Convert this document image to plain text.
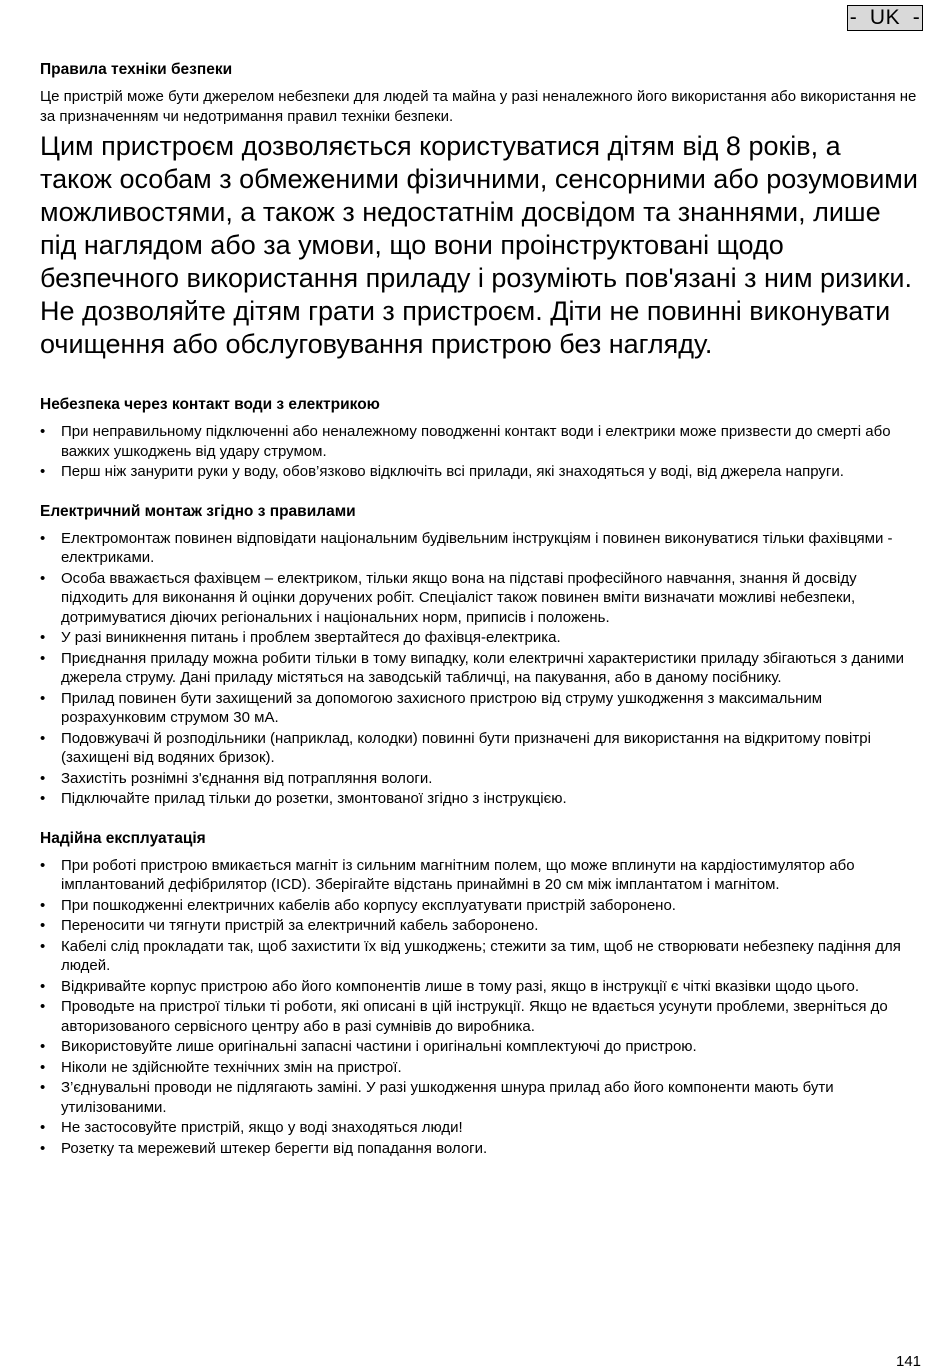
-  UK  -
Правила техніки безпеки

Це пристрій може бути джерелом небезпеки для людей та майна у разі неналежного його використання або використання не за призначенням чи недотримання правил техніки безпеки.

Цим пристроєм дозволяється користуватися дітям від 8 років, а також особам з обмеженими фізичними, сенсорними або розумовими можливостями, а також з недостатнім досвідом та знаннями, лише під наглядом або за умови, що вони проінструктовані щодо безпечного використання приладу і розуміють пов'язані з ним ризики. Не дозволяйте дітям грати з пристроєм. Діти не повинні виконувати очищення або обслуговування пристрою без нагляду.

Небезпека через контакт води з електрикою
• При неправильному підключенні або неналежному поводженні контакт води і електрики може призвести до смерті або важких ушкоджень від удару струмом.
• Перш ніж занурити руки у воду, обов’язково відключіть всі прилади, які знаходяться у воді, від джерела напруги.
Електричний монтаж згідно з правилами
• Електромонтаж повинен відповідати національним будівельним інструкціям і повинен виконуватися тільки фахівцями - електриками.
• Особа вважається фахівцем – електриком, тільки якщо вона на підставі професійного навчання, знання й досвіду підходить для виконання й оцінки доручених робіт. Спеціаліст також повинен вміти визначати можливі небезпеки, дотримуватися діючих регіональних і національних норм, приписів і положень.
• У разі виникнення питань і проблем звертайтеся до фахівця-електрика.
• Приєднання приладу можна робити тільки в тому випадку, коли електричні характеристики приладу збігаються з даними джерела струму. Дані приладу містяться на заводській табличці, на пакування, або в даному посібнику.
• Прилад повинен бути захищений за допомогою захисного пристрою від струму ушкодження з максимальним розрахунковим струмом 30 мА.
• Подовжувачі й розподільники (наприклад, колодки) повинні бути призначені для використання на відкритому повітрі (захищені від водяних бризок).
• Захистіть рознімні з'єднання від потрапляння вологи.
• Підключайте прилад тільки до розетки, змонтованої згідно з інструкцією.
Надійна експлуатація
• При роботі пристрою вмикається магніт із сильним магнітним полем, що може вплинути на кардіостимулятор або імплантований дефібрилятор (ICD). Зберігайте відстань принаймні в 20 см між імплантатом і магнітом.
• При пошкодженні електричних кабелів або корпусу експлуатувати пристрій заборонено.
• Переносити чи тягнути пристрій за електричний кабель заборонено.
• Кабелі слід прокладати так, щоб захистити їх від ушкоджень; стежити за тим, щоб не створювати небезпеку падіння для людей.
• Відкривайте корпус пристрою або його компонентів лише в тому разі, якщо в інструкції є чіткі вказівки щодо цього.
• Проводьте на пристрої тільки ті роботи, які описані в цій інструкції. Якщо не вдається усунути проблеми, зверніться до авторизованого сервісного центру або в разі сумнівів до виробника.
• Використовуйте лише оригінальні запасні частини і оригінальні комплектуючі до пристрою.
• Ніколи не здійснюйте технічних змін на пристрої.
• З’єднувальні проводи не підлягають заміні. У разі ушкодження шнура прилад або його компоненти мають бути утилізованими.
• Не застосовуйте пристрій, якщо у воді знаходяться люди!
• Розетку та мережевий штекер берегти від попадання вологи.
141
